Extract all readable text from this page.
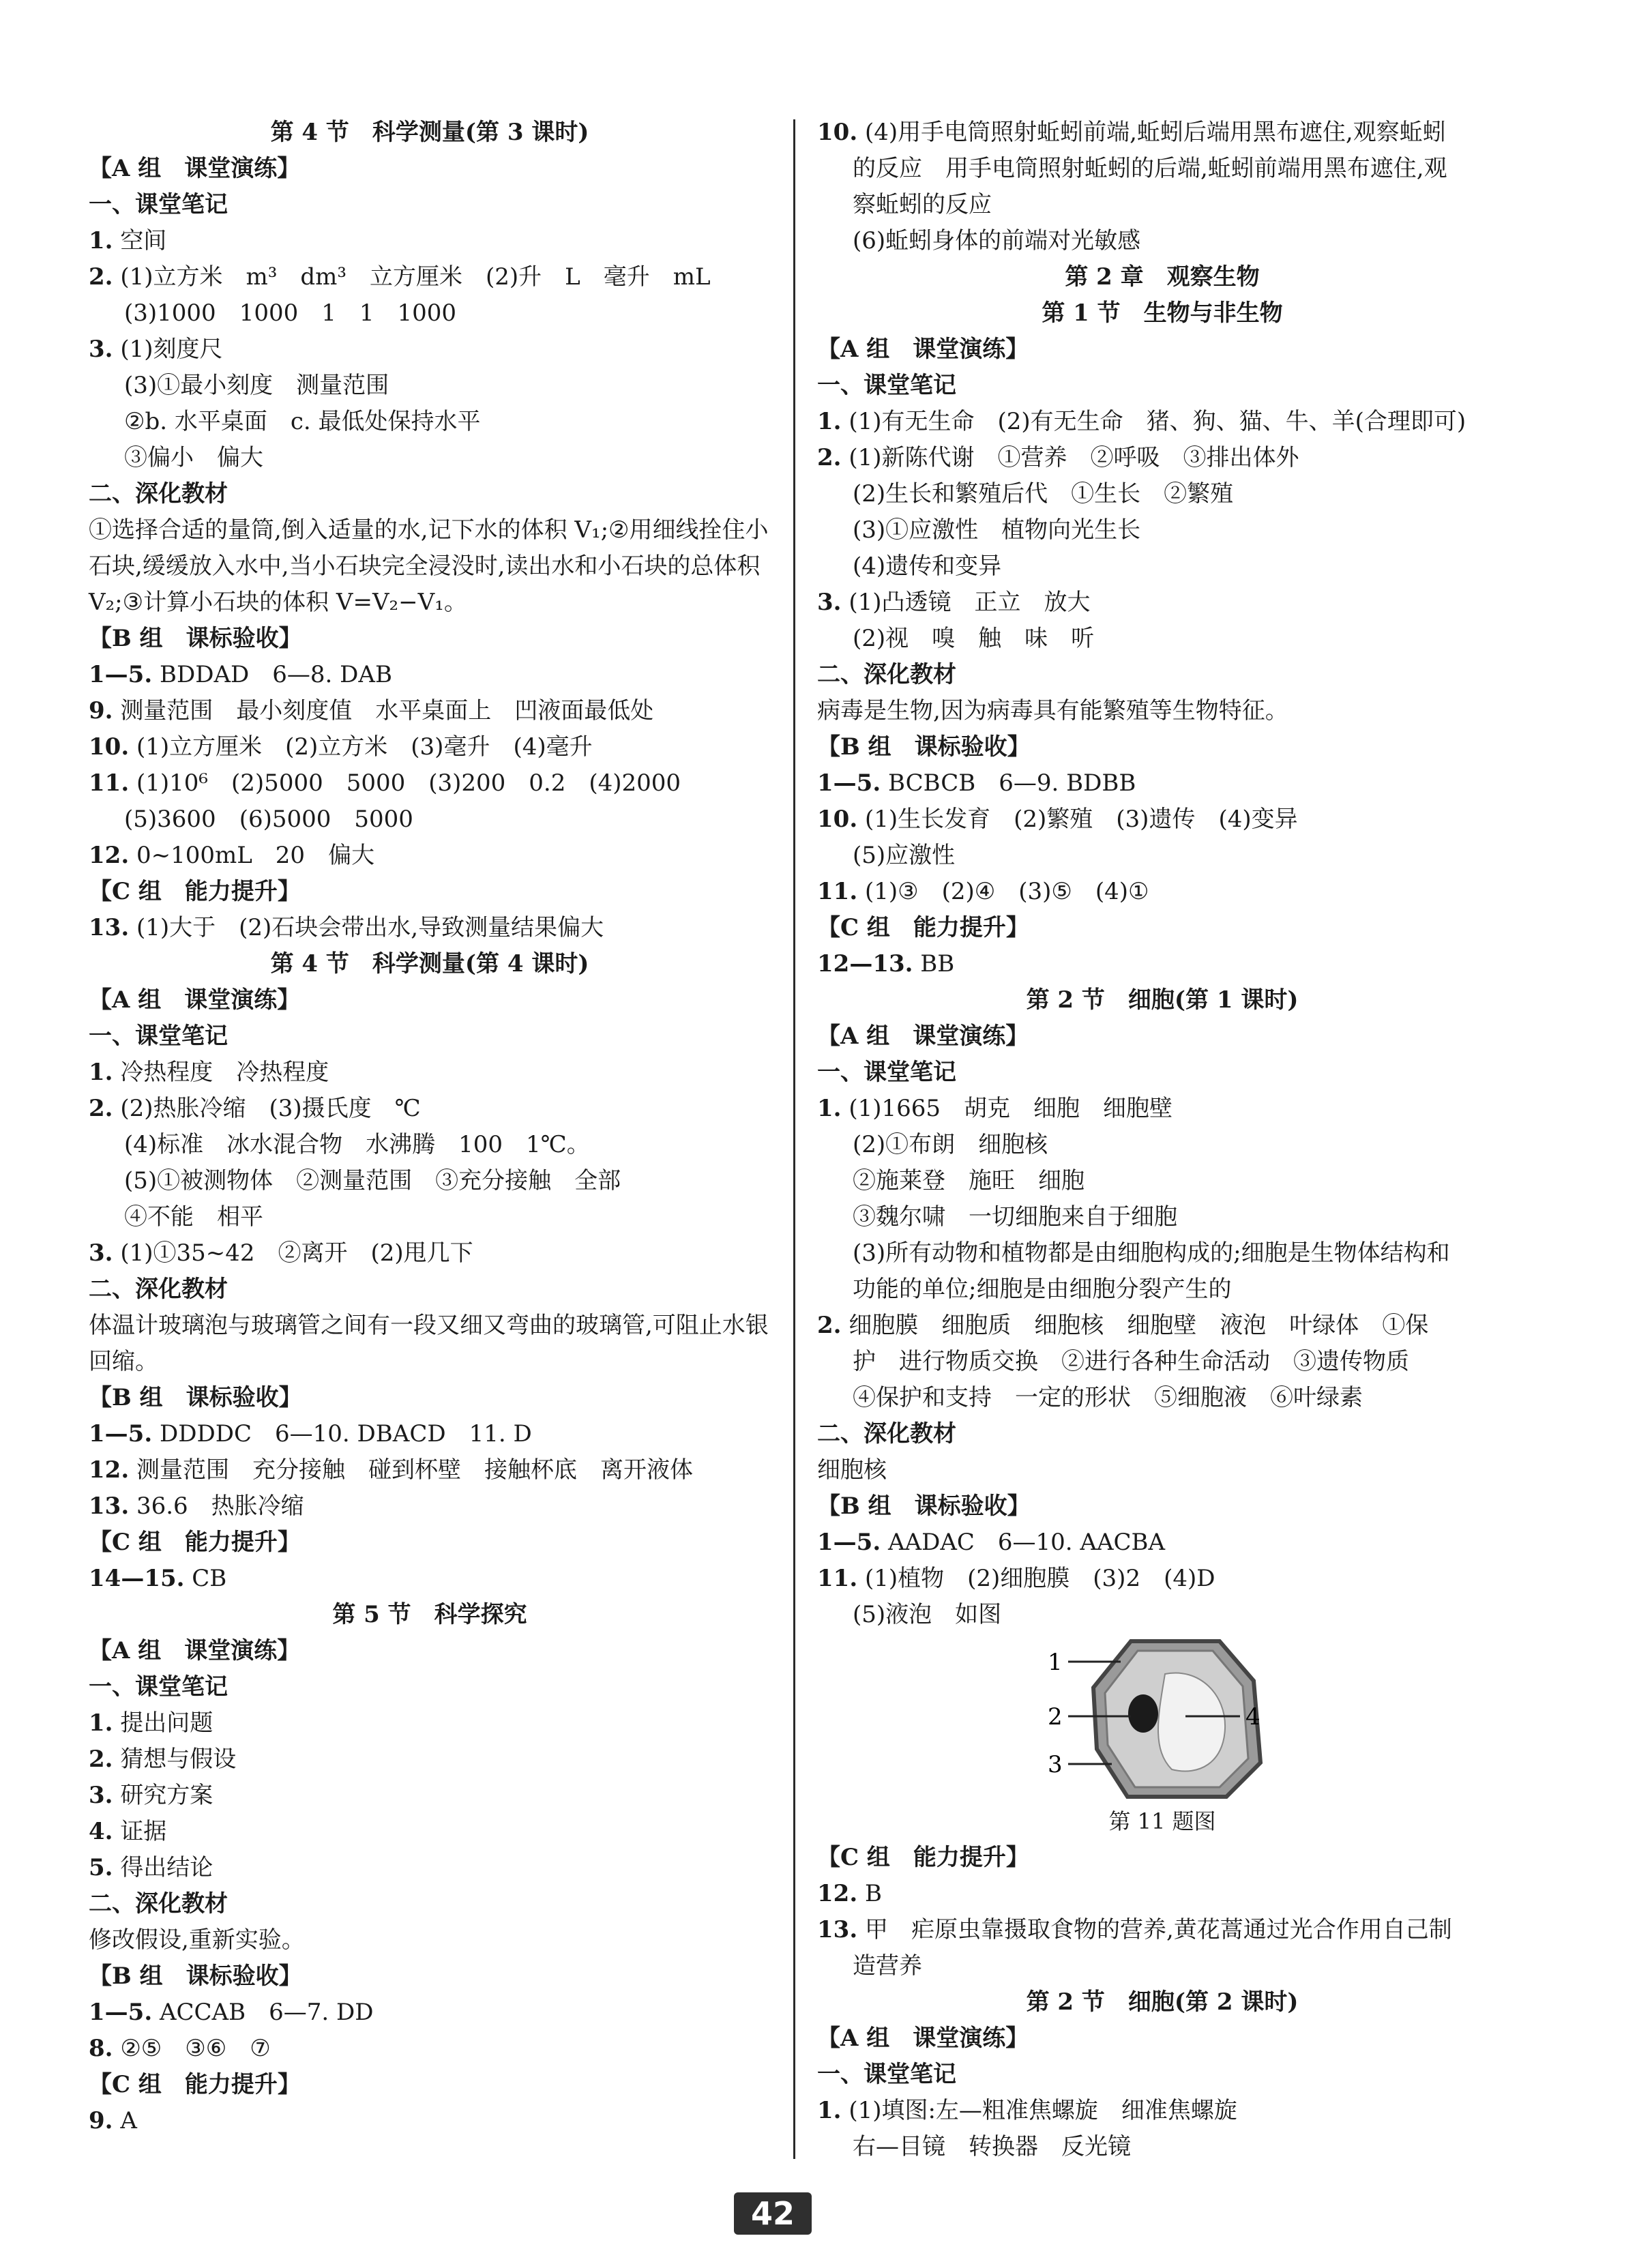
第 4 节　科学测量(第 3 课时)
【A 组　课堂演练】
一、课堂笔记
1. 空间
2. (1)立方米　m³　dm³　立方厘米　(2)升　L　毫升　mL
(3)1000　1000　1　1　1000
3. (1)刻度尺
(3)①最小刻度　测量范围
②b. 水平桌面　c. 最低处保持水平
③偏小　偏大
二、深化教材
①选择合适的量筒,倒入适量的水,记下水的体积 V₁;②用细线拴住小石块,缓缓放入水中,当小石块完全浸没时,读出水和小石块的总体积 V₂;③计算小石块的体积 V=V₂−V₁。
【B 组　课标验收】
1—5. BDDAD　6—8. DAB
9. 测量范围　最小刻度值　水平桌面上　凹液面最低处
10. (1)立方厘米　(2)立方米　(3)毫升　(4)毫升
11. (1)10⁶　(2)5000　5000　(3)200　0.2　(4)2000
(5)3600　(6)5000　5000
12. 0~100mL　20　偏大
【C 组　能力提升】
13. (1)大于　(2)石块会带出水,导致测量结果偏大
第 4 节　科学测量(第 4 课时)
【A 组　课堂演练】
一、课堂笔记
1. 冷热程度　冷热程度
2. (2)热胀冷缩　(3)摄氏度　℃
(4)标准　冰水混合物　水沸腾　100　1℃。
(5)①被测物体　②测量范围　③充分接触　全部
④不能　相平
3. (1)①35~42　②离开　(2)甩几下
二、深化教材
体温计玻璃泡与玻璃管之间有一段又细又弯曲的玻璃管,可阻止水银回缩。
【B 组　课标验收】
1—5. DDDDC　6—10. DBACD　11. D
12. 测量范围　充分接触　碰到杯壁　接触杯底　离开液体
13. 36.6　热胀冷缩
【C 组　能力提升】
14—15. CB
第 5 节　科学探究
【A 组　课堂演练】
一、课堂笔记
1. 提出问题
2. 猜想与假设
3. 研究方案
4. 证据
5. 得出结论
二、深化教材
修改假设,重新实验。
【B 组　课标验收】
1—5. ACCAB　6—7. DD
8. ②⑤　③⑥　⑦
【C 组　能力提升】
9. A
10. (4)用手电筒照射蚯蚓前端,蚯蚓后端用黑布遮住,观察蚯蚓
的反应　用手电筒照射蚯蚓的后端,蚯蚓前端用黑布遮住,观
察蚯蚓的反应
(6)蚯蚓身体的前端对光敏感
第 2 章　观察生物
第 1 节　生物与非生物
【A 组　课堂演练】
一、课堂笔记
1. (1)有无生命　(2)有无生命　猪、狗、猫、牛、羊(合理即可)
2. (1)新陈代谢　①营养　②呼吸　③排出体外
(2)生长和繁殖后代　①生长　②繁殖
(3)①应激性　植物向光生长
(4)遗传和变异
3. (1)凸透镜　正立　放大
(2)视　嗅　触　味　听
二、深化教材
病毒是生物,因为病毒具有能繁殖等生物特征。
【B 组　课标验收】
1—5. BCBCB　6—9. BDBB
10. (1)生长发育　(2)繁殖　(3)遗传　(4)变异
(5)应激性
11. (1)③　(2)④　(3)⑤　(4)①
【C 组　能力提升】
12—13. BB
第 2 节　细胞(第 1 课时)
【A 组　课堂演练】
一、课堂笔记
1. (1)1665　胡克　细胞　细胞壁
(2)①布朗　细胞核
②施莱登　施旺　细胞
③魏尔啸　一切细胞来自于细胞
(3)所有动物和植物都是由细胞构成的;细胞是生物体结构和
功能的单位;细胞是由细胞分裂产生的
2. 细胞膜　细胞质　细胞核　细胞壁　液泡　叶绿体　①保
护　进行物质交换　②进行各种生命活动　③遗传物质
④保护和支持　一定的形状　⑤细胞液　⑥叶绿素
二、深化教材
细胞核
【B 组　课标验收】
1—5. AADAC　6—10. AACBA
11. (1)植物　(2)细胞膜　(3)2　(4)D
(5)液泡　如图
1
2
3
4
第 11 题图
【C 组　能力提升】
12. B
13. 甲　疟原虫靠摄取食物的营养,黄花蒿通过光合作用自己制
造营养
第 2 节　细胞(第 2 课时)
【A 组　课堂演练】
一、课堂笔记
1. (1)填图:左—粗准焦螺旋　细准焦螺旋
右—目镜　转换器　反光镜
42
